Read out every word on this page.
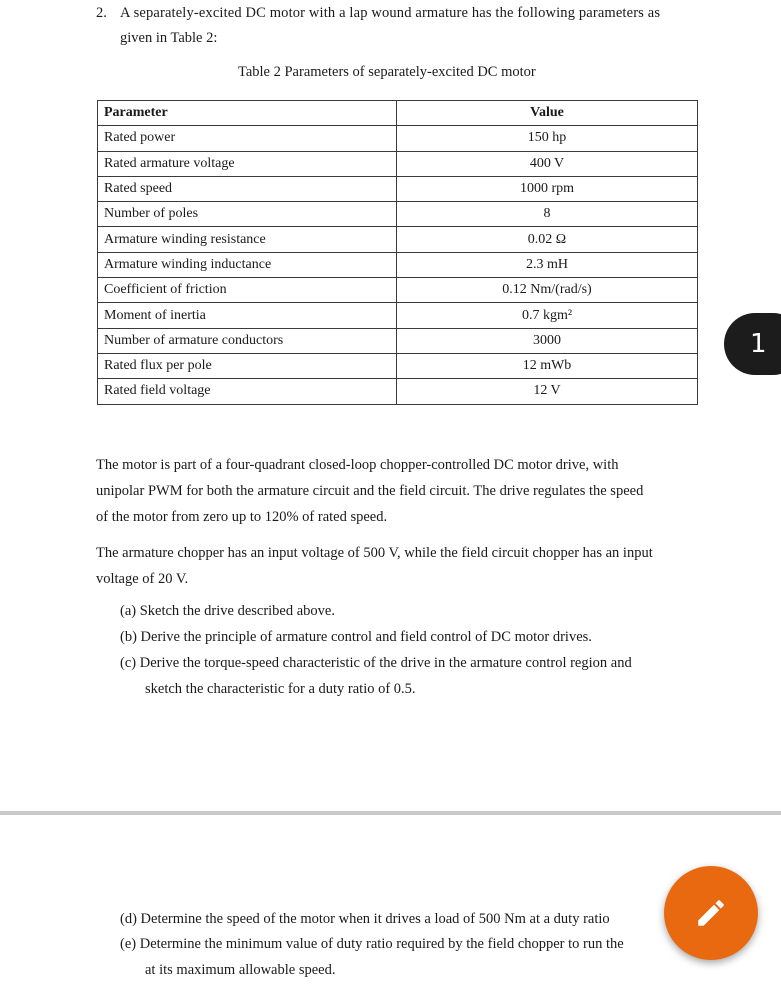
2. A separately-excited DC motor with a lap wound armature has the following parameters as
given in Table 2:
Table 2 Parameters of separately-excited DC motor
Parameter	Value
Rated power	150 hp
Rated armature voltage	400 V
Rated speed	1000 rpm
Number of poles	8
Armature winding resistance	0.02 Ω
Armature winding inductance	2.3 mH
Coefficient of friction	0.12 Nm/(rad/s)
Moment of inertia	0.7 kgm²
Number of armature conductors	3000
Rated flux per pole	12 mWb
Rated field voltage	12 V
The motor is part of a four-quadrant closed-loop chopper-controlled DC motor drive, with
unipolar PWM for both the armature circuit and the field circuit. The drive regulates the speed
of the motor from zero up to 120% of rated speed.
The armature chopper has an input voltage of 500 V, while the field circuit chopper has an input
voltage of 20 V.
(a) Sketch the drive described above.
(b) Derive the principle of armature control and field control of DC motor drives.
(c) Derive the torque-speed characteristic of the drive in the armature control region and
sketch the characteristic for a duty ratio of 0.5.
1
(d) Determine the speed of the motor when it drives a load of 500 Nm at a duty ratio
(e) Determine the minimum value of duty ratio required by the field chopper to run the
at its maximum allowable speed.
